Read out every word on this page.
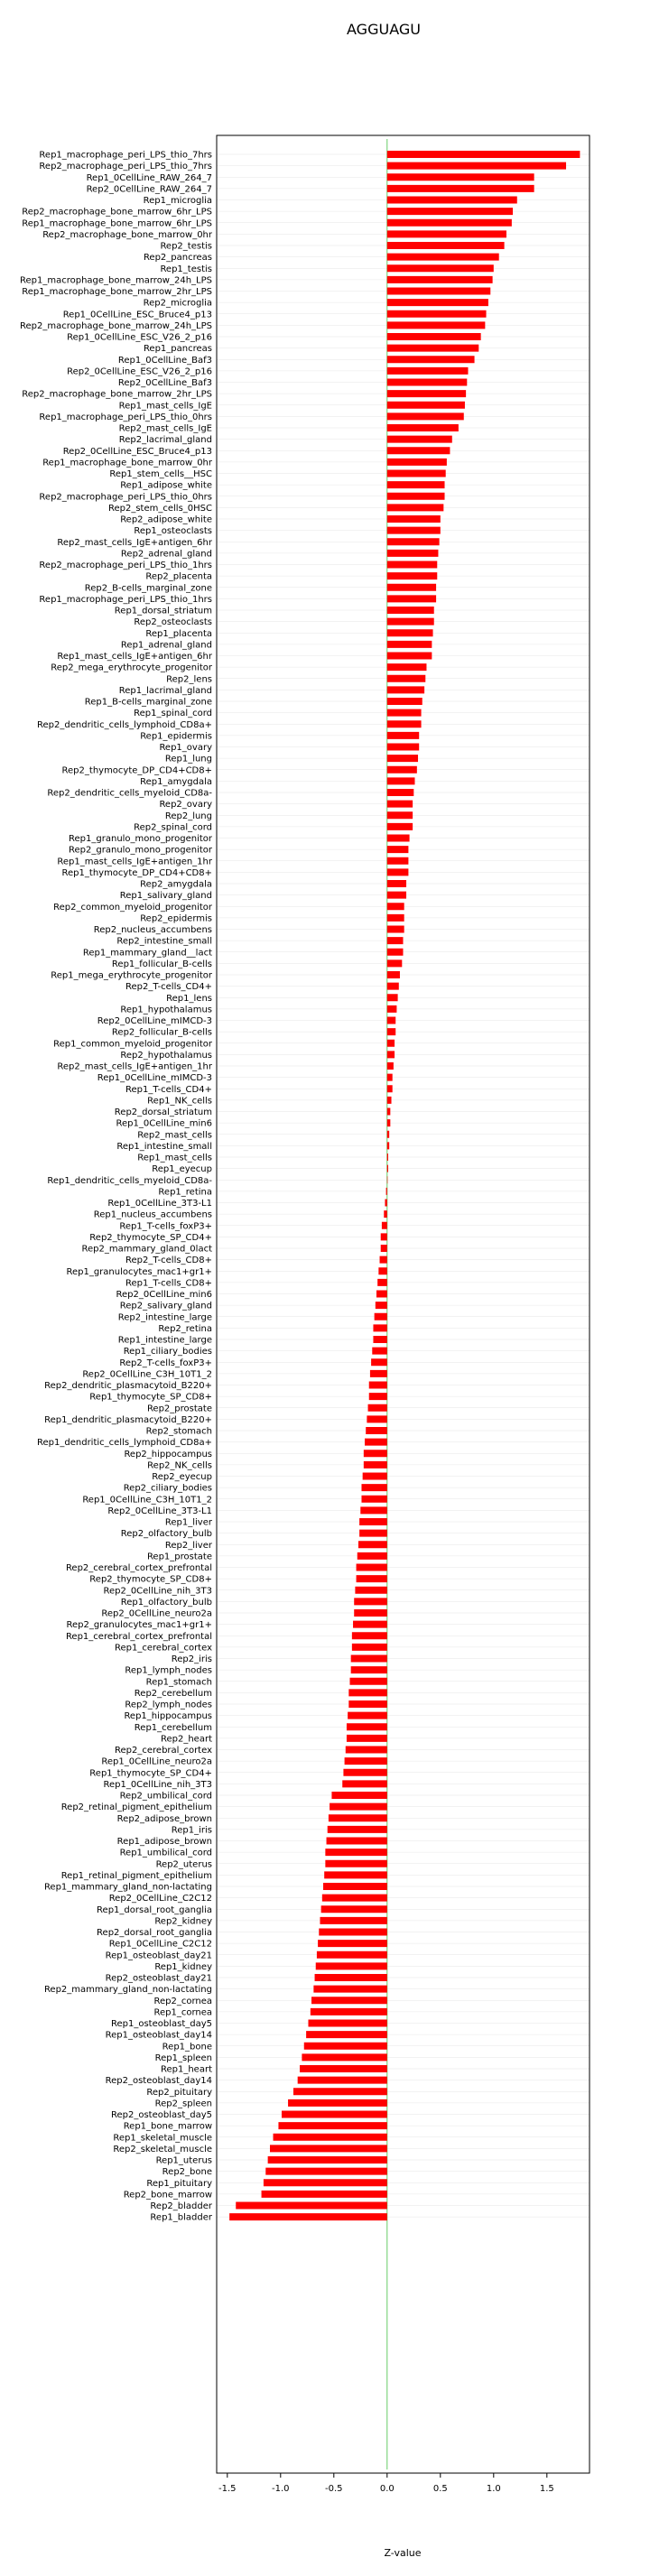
AGGUAGU
Rep1_macrophage_peri_LPS_thio_7hrs
Rep2_macrophage_peri_LPS_thio_7hrs
Rep1_0CellLine_RAW_264_7
Rep2_0CellLine_RAW_264_7
Rep1_microglia
Rep2_macrophage_bone_marrow_6hr_LPS
Rep1_macrophage_bone_marrow_6hr_LPS
Rep2_macrophage_bone_marrow_0hr
Rep2_testis
Rep2_pancreas
Rep1_testis
Rep1_macrophage_bone_marrow_24h_LPS
Rep1_macrophage_bone_marrow_2hr_LPS
Rep2_microglia
Rep1_0CellLine_ESC_Bruce4_p13
Rep2_macrophage_bone_marrow_24h_LPS
Rep1_0CellLine_ESC_V26_2_p16
Rep1_pancreas
Rep1_0CellLine_Baf3
Rep2_0CellLine_ESC_V26_2_p16
Rep2_0CellLine_Baf3
Rep2_macrophage_bone_marrow_2hr_LPS
Rep1_mast_cells_IgE
Rep1_macrophage_peri_LPS_thio_0hrs
Rep2_mast_cells_IgE
Rep2_lacrimal_gland
Rep2_0CellLine_ESC_Bruce4_p13
Rep1_macrophage_bone_marrow_0hr
Rep1_stem_cells__HSC
Rep1_adipose_white
Rep2_macrophage_peri_LPS_thio_0hrs
Rep2_stem_cells_0HSC
Rep2_adipose_white
Rep1_osteoclasts
Rep2_mast_cells_IgE+antigen_6hr
Rep2_adrenal_gland
Rep2_macrophage_peri_LPS_thio_1hrs
Rep2_placenta
Rep2_B-cells_marginal_zone
Rep1_macrophage_peri_LPS_thio_1hrs
Rep1_dorsal_striatum
Rep2_osteoclasts
Rep1_placenta
Rep1_adrenal_gland
Rep1_mast_cells_IgE+antigen_6hr
Rep2_mega_erythrocyte_progenitor
Rep2_lens
Rep1_lacrimal_gland
Rep1_B-cells_marginal_zone
Rep1_spinal_cord
Rep2_dendritic_cells_lymphoid_CD8a+
Rep1_epidermis
Rep1_ovary
Rep1_lung
Rep2_thymocyte_DP_CD4+CD8+
Rep1_amygdala
Rep2_dendritic_cells_myeloid_CD8a-
Rep2_ovary
Rep2_lung
Rep2_spinal_cord
Rep1_granulo_mono_progenitor
Rep2_granulo_mono_progenitor
Rep1_mast_cells_IgE+antigen_1hr
Rep1_thymocyte_DP_CD4+CD8+
Rep2_amygdala
Rep1_salivary_gland
Rep2_common_myeloid_progenitor
Rep2_epidermis
Rep2_nucleus_accumbens
Rep2_intestine_small
Rep1_mammary_gland__lact
Rep1_follicular_B-cells
Rep1_mega_erythrocyte_progenitor
Rep2_T-cells_CD4+
Rep1_lens
Rep1_hypothalamus
Rep2_0CellLine_mIMCD-3
Rep2_follicular_B-cells
Rep1_common_myeloid_progenitor
Rep2_hypothalamus
Rep2_mast_cells_IgE+antigen_1hr
Rep1_0CellLine_mIMCD-3
Rep1_T-cells_CD4+
Rep1_NK_cells
Rep2_dorsal_striatum
Rep1_0CellLine_min6
Rep2_mast_cells
Rep1_intestine_small
Rep1_mast_cells
Rep1_eyecup
Rep1_dendritic_cells_myeloid_CD8a-
Rep1_retina
Rep1_0CellLine_3T3-L1
Rep1_nucleus_accumbens
Rep1_T-cells_foxP3+
Rep2_thymocyte_SP_CD4+
Rep2_mammary_gland_0lact
Rep2_T-cells_CD8+
Rep1_granulocytes_mac1+gr1+
Rep1_T-cells_CD8+
Rep2_0CellLine_min6
Rep2_salivary_gland
Rep2_intestine_large
Rep2_retina
Rep1_intestine_large
Rep1_ciliary_bodies
Rep2_T-cells_foxP3+
Rep2_0CellLine_C3H_10T1_2
Rep2_dendritic_plasmacytoid_B220+
Rep1_thymocyte_SP_CD8+
Rep2_prostate
Rep1_dendritic_plasmacytoid_B220+
Rep2_stomach
Rep1_dendritic_cells_lymphoid_CD8a+
Rep2_hippocampus
Rep2_NK_cells
Rep2_eyecup
Rep2_ciliary_bodies
Rep1_0CellLine_C3H_10T1_2
Rep2_0CellLine_3T3-L1
Rep1_liver
Rep2_olfactory_bulb
Rep2_liver
Rep1_prostate
Rep2_cerebral_cortex_prefrontal
Rep2_thymocyte_SP_CD8+
Rep2_0CellLine_nih_3T3
Rep1_olfactory_bulb
Rep2_0CellLine_neuro2a
Rep2_granulocytes_mac1+gr1+
Rep1_cerebral_cortex_prefrontal
Rep1_cerebral_cortex
Rep2_iris
Rep1_lymph_nodes
Rep1_stomach
Rep2_cerebellum
Rep2_lymph_nodes
Rep1_hippocampus
Rep1_cerebellum
Rep2_heart
Rep2_cerebral_cortex
Rep1_0CellLine_neuro2a
Rep1_thymocyte_SP_CD4+
Rep1_0CellLine_nih_3T3
Rep2_umbilical_cord
Rep2_retinal_pigment_epithelium
Rep2_adipose_brown
Rep1_iris
Rep1_adipose_brown
Rep1_umbilical_cord
Rep2_uterus
Rep1_retinal_pigment_epithelium
Rep1_mammary_gland_non-lactating
Rep2_0CellLine_C2C12
Rep1_dorsal_root_ganglia
Rep2_kidney
Rep2_dorsal_root_ganglia
Rep1_0CellLine_C2C12
Rep1_osteoblast_day21
Rep1_kidney
Rep2_osteoblast_day21
Rep2_mammary_gland_non-lactating
Rep2_cornea
Rep1_cornea
Rep1_osteoblast_day5
Rep1_osteoblast_day14
Rep1_bone
Rep1_spleen
Rep1_heart
Rep2_osteoblast_day14
Rep2_pituitary
Rep2_spleen
Rep2_osteoblast_day5
Rep1_bone_marrow
Rep1_skeletal_muscle
Rep2_skeletal_muscle
Rep1_uterus
Rep2_bone
Rep1_pituitary
Rep2_bone_marrow
Rep2_bladder
Rep1_bladder
-1.5	-1.0	-0.5	0.0	0.5	1.0	1.5
Z-value
